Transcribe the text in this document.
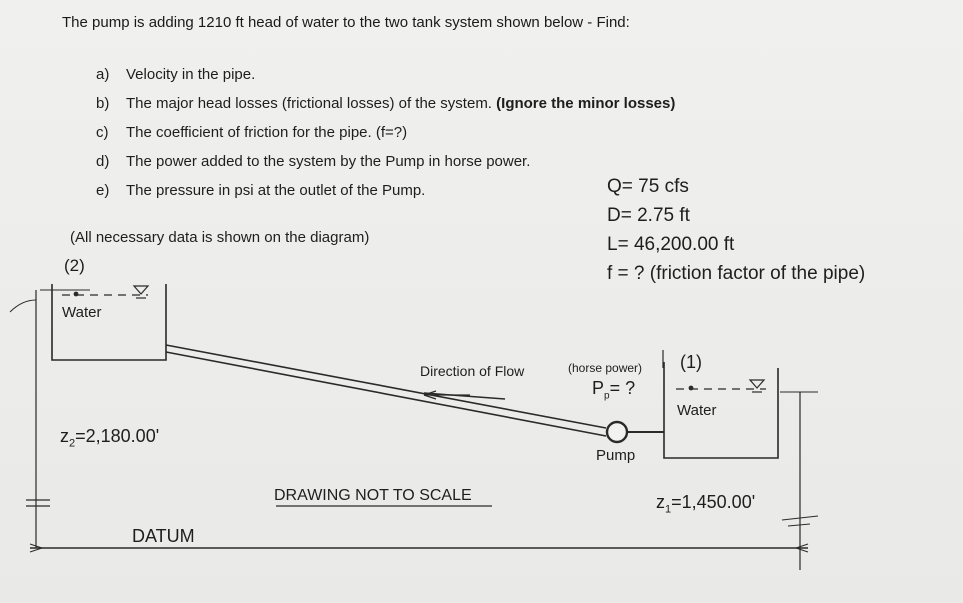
The pump is adding 1210 ft head of water to the two tank system shown below - Find:
a) Velocity in the pipe.
b) The major head losses (frictional losses) of the system. (Ignore the minor losses)
c) The coefficient of friction for the pipe. (f=?)
d) The power added to the system by the Pump in horse power.
e) The pressure in psi at the outlet of the Pump.
(All necessary data is shown on the diagram)
Q= 75 cfs
D= 2.75 ft
L= 46,200.00 ft
f = ? (friction factor of the pipe)
(2)
Water
$z_2=2,180.00'$
DATUM
Direction of Flow	(horse power)
$P_p=$ ?
Pump
(1)
Water
DRAWING NOT TO SCALE	$z_1=1,450.00'$
